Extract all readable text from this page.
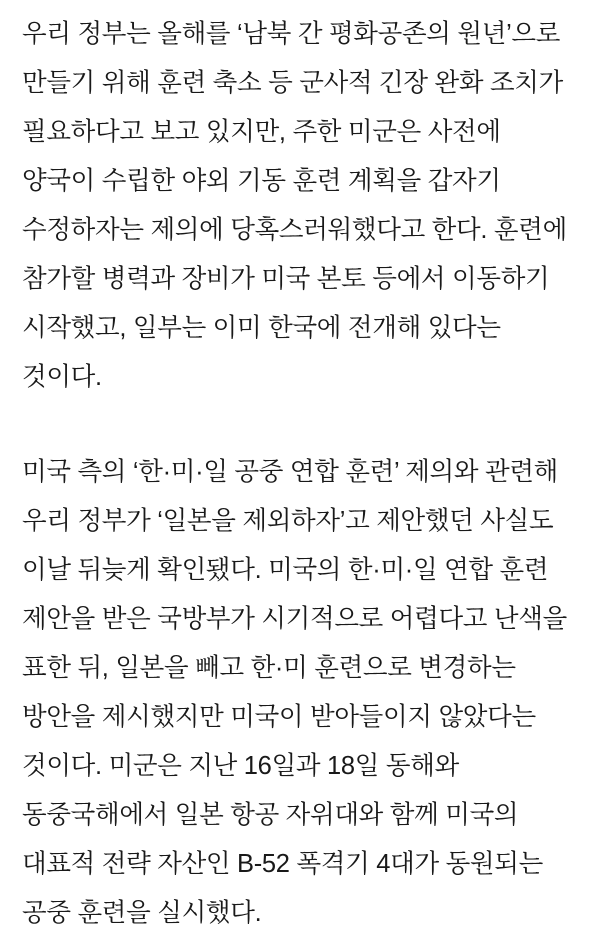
우리 정부는 올해를 ‘남북 간 평화공존의 원년’으로 만들기 위해 훈련 축소 등 군사적 긴장 완화 조치가 필요하다고 보고 있지만, 주한 미군은 사전에 양국이 수립한 야외 기동 훈련 계획을 갑자기 수정하자는 제의에 당혹스러워했다고 한다. 훈련에 참가할 병력과 장비가 미국 본토 등에서 이동하기 시작했고, 일부는 이미 한국에 전개해 있다는 것이다.

미국 측의 ‘한·미·일 공중 연합 훈련’ 제의와 관련해 우리 정부가 ‘일본을 제외하자’고 제안했던 사실도 이날 뒤늦게 확인됐다. 미국의 한·미·일 연합 훈련 제안을 받은 국방부가 시기적으로 어렵다고 난색을 표한 뒤, 일본을 빼고 한·미 훈련으로 변경하는 방안을 제시했지만 미국이 받아들이지 않았다는 것이다. 미군은 지난 16일과 18일 동해와 동중국해에서 일본 항공 자위대와 함께 미국의 대표적 전략 자산인 B-52 폭격기 4대가 동원되는 공중 훈련을 실시했다.
